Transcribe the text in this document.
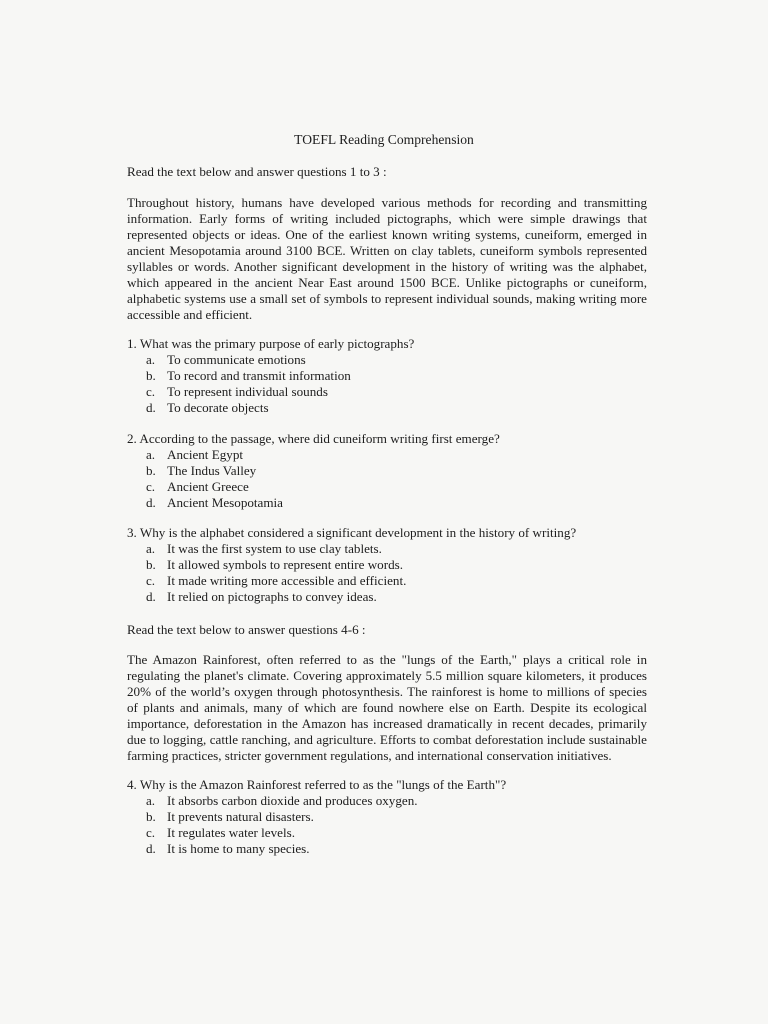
TOEFL Reading Comprehension
Read the text below and answer questions 1 to 3 :

Throughout history, humans have developed various methods for recording and transmitting information. Early forms of writing included pictographs, which were simple drawings that represented objects or ideas. One of the earliest known writing systems, cuneiform, emerged in ancient Mesopotamia around 3100 BCE. Written on clay tablets, cuneiform symbols represented syllables or words. Another significant development in the history of writing was the alphabet, which appeared in the ancient Near East around 1500 BCE. Unlike pictographs or cuneiform, alphabetic systems use a small set of symbols to represent individual sounds, making writing more accessible and efficient.

1. What was the primary purpose of early pictographs?

a. To communicate emotions
b. To record and transmit information
c. To represent individual sounds
d. To decorate objects

2. According to the passage, where did cuneiform writing first emerge?

a. Ancient Egypt
b. The Indus Valley
c. Ancient Greece
d. Ancient Mesopotamia

3. Why is the alphabet considered a significant development in the history of writing?

a. It was the first system to use clay tablets.
b. It allowed symbols to represent entire words.
c. It made writing more accessible and efficient.
d. It relied on pictographs to convey ideas.
Read the text below to answer questions 4-6 :

The Amazon Rainforest, often referred to as the "lungs of the Earth," plays a critical role in regulating the planet's climate. Covering approximately 5.5 million square kilometers, it produces 20% of the world’s oxygen through photosynthesis. The rainforest is home to millions of species of plants and animals, many of which are found nowhere else on Earth. Despite its ecological importance, deforestation in the Amazon has increased dramatically in recent decades, primarily due to logging, cattle ranching, and agriculture. Efforts to combat deforestation include sustainable farming practices, stricter government regulations, and international conservation initiatives.

4. Why is the Amazon Rainforest referred to as the "lungs of the Earth"?

a. It absorbs carbon dioxide and produces oxygen.
b. It prevents natural disasters.
c. It regulates water levels.
d. It is home to many species.
